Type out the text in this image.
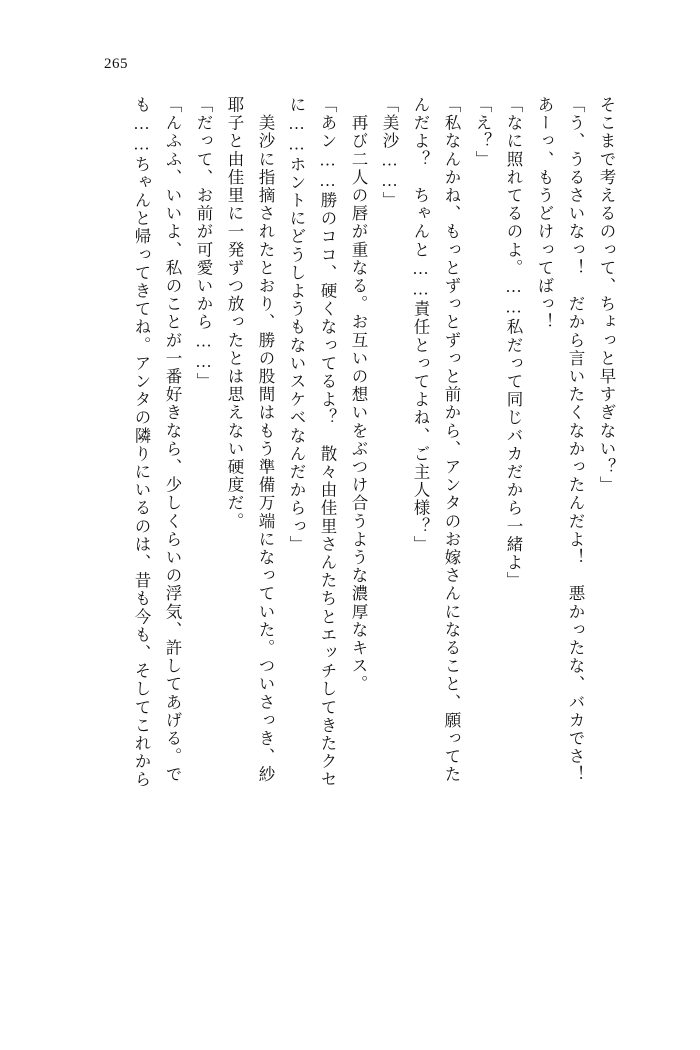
265
そこまで考えるのって、ちょっと早すぎない？」
「う、うるさいなっ！　だから言いたくなかったんだよ！　悪かったな、バカでさ！
あーっ、もうどけってばっ！
「なに照れてるのよ。……私だって同じバカだから一緒よ」
「え？」
「私なんかね、もっとずっとずっと前から、アンタのお嫁さんになること、願ってた
んだよ？　ちゃんと……責任とってよね、ご主人様？」
「美沙……」
　再び二人の唇が重なる。お互いの想いをぶつけ合うような濃厚なキス。
「あン……勝のココ、硬くなってるよ？　散々由佳里さんたちとエッチしてきたクセ
に……ホントにどうしようもないスケベなんだからっ」
　美沙に指摘されたとおり、勝の股間はもう準備万端になっていた。ついさっき、紗
耶子と由佳里に一発ずつ放ったとは思えない硬度だ。
「だって、お前が可愛いから……」
「んふふ、いいよ、私のことが一番好きなら、少しくらいの浮気、許してあげる。で
も……ちゃんと帰ってきてね。アンタの隣りにいるのは、昔も今も、そしてこれから
